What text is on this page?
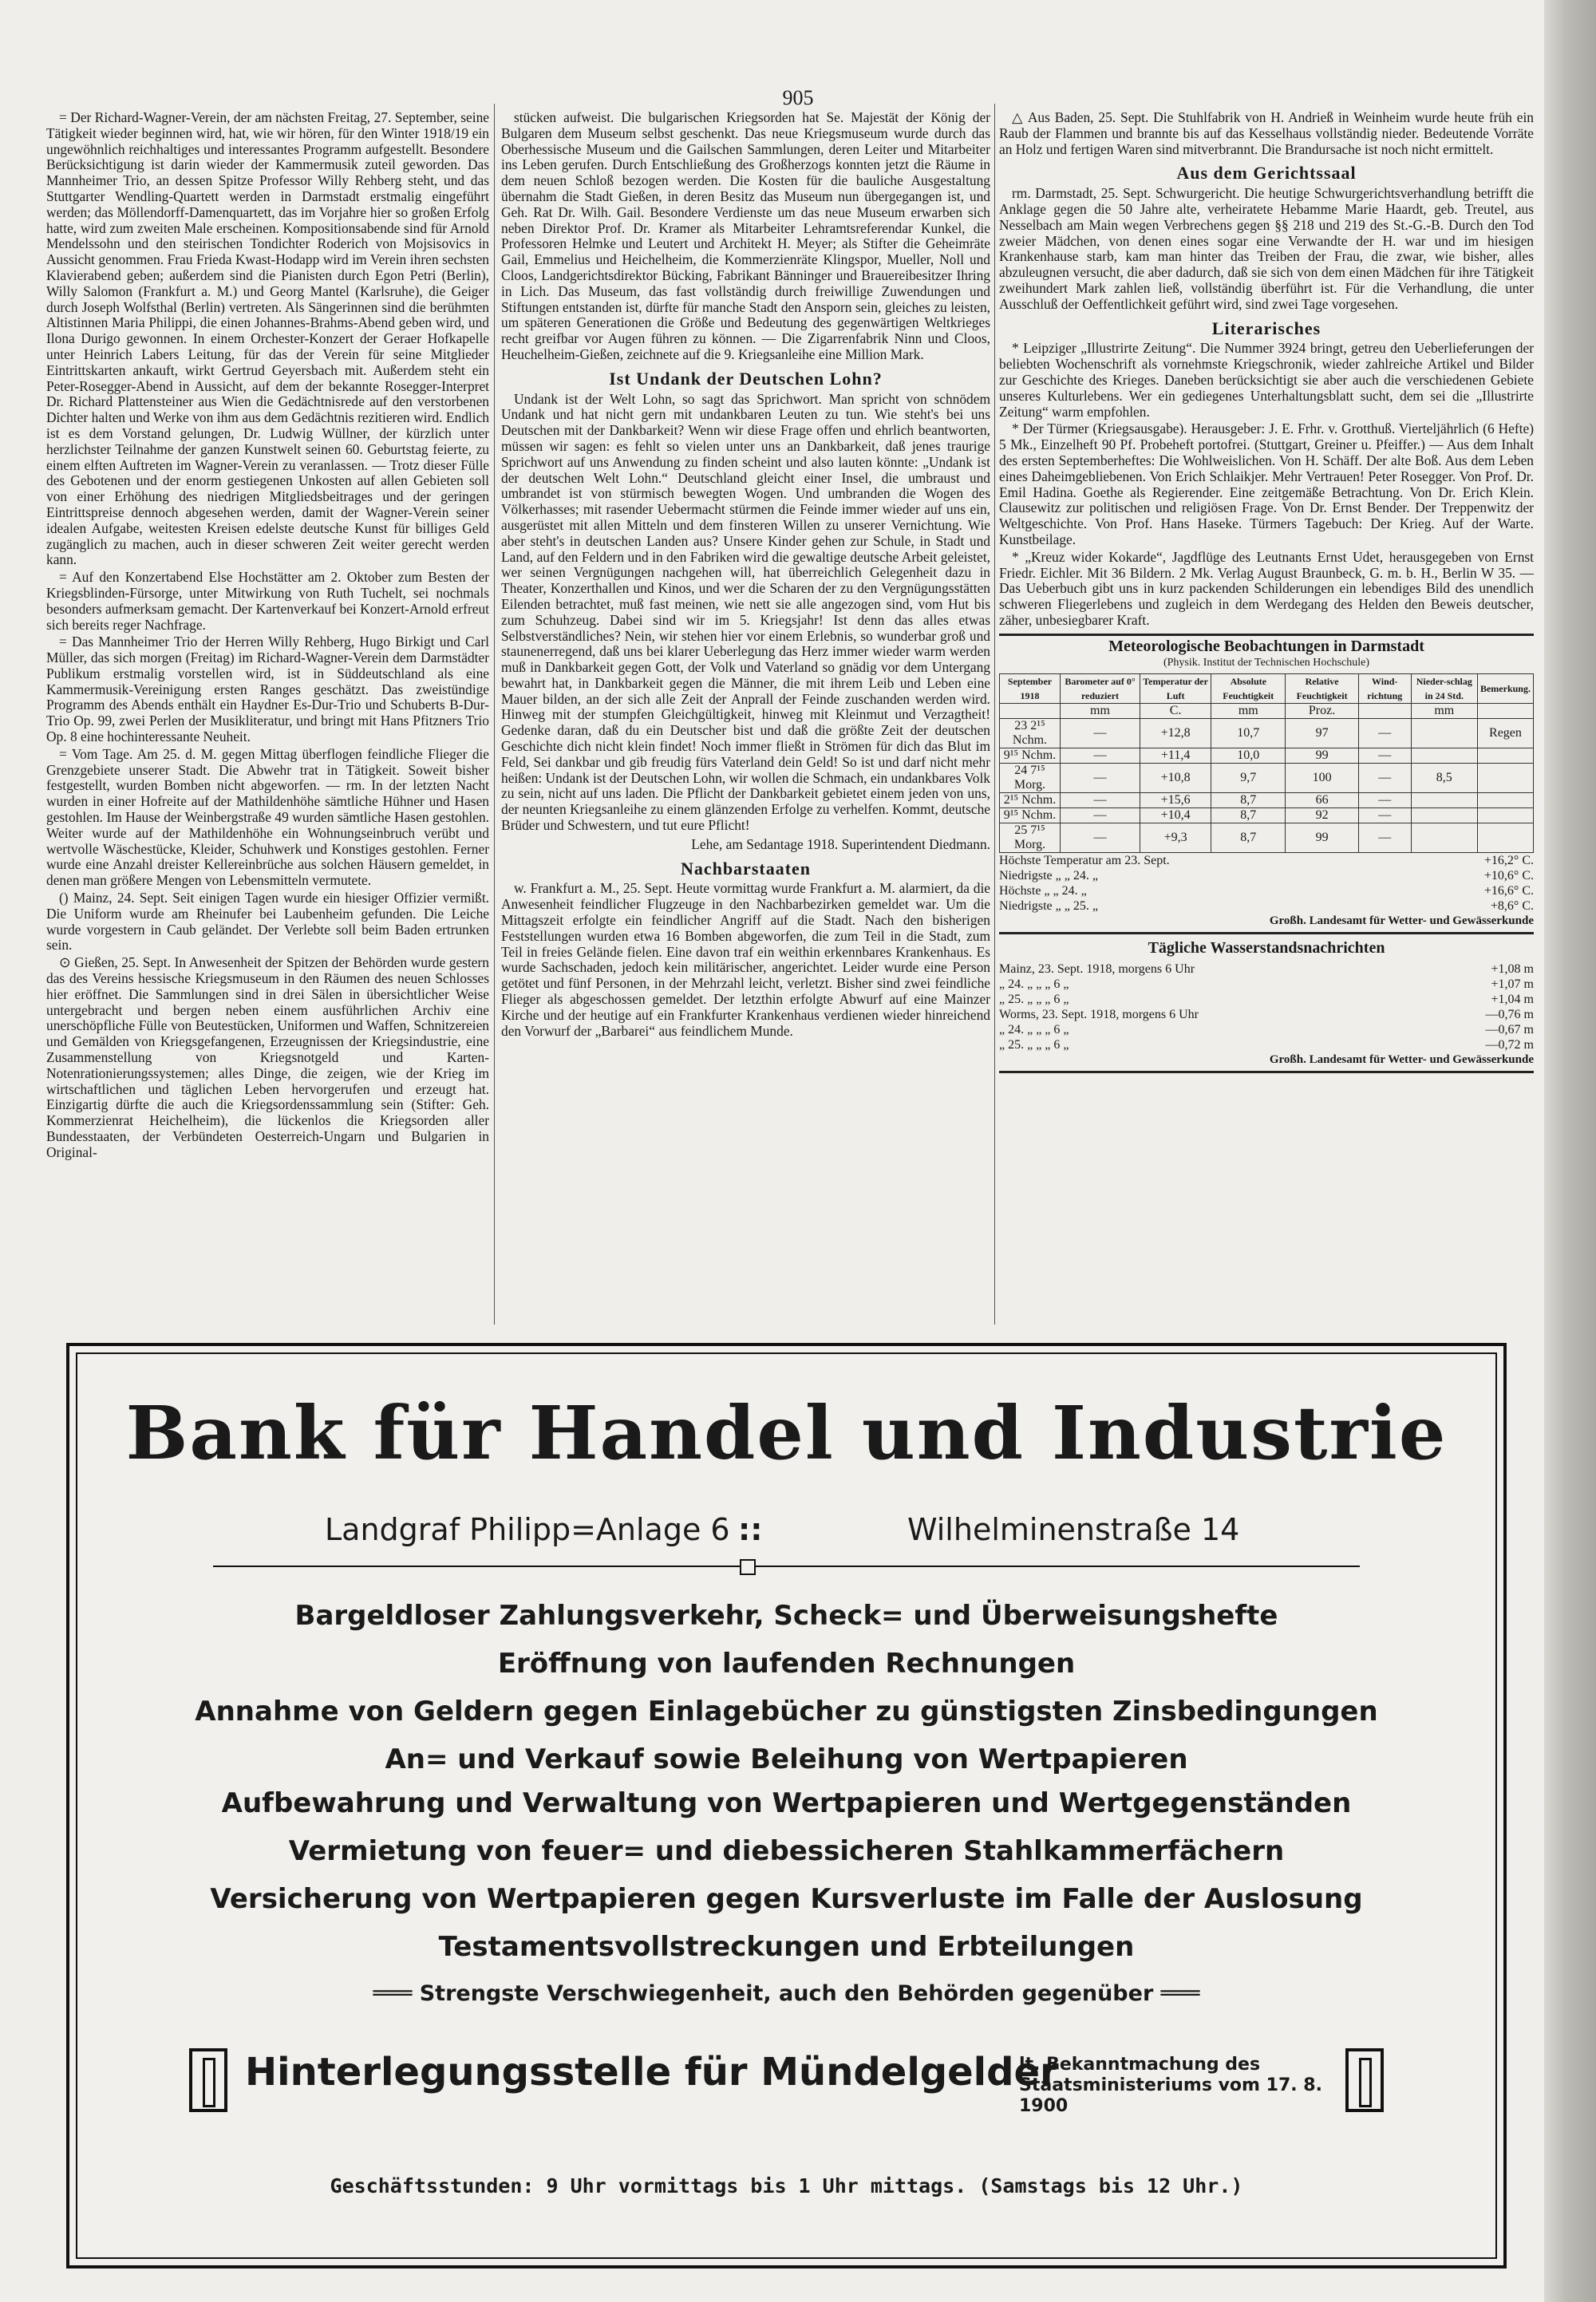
905

= Der Richard-Wagner-Verein, der am nächsten Freitag, 27. September, seine Tätigkeit wieder beginnen wird, hat, wie wir hören, für den Winter 1918/19 ein ungewöhnlich reichhaltiges und interessantes Programm aufgestellt. Besondere Berücksichtigung ist darin wieder der Kammermusik zuteil geworden. Das Mannheimer Trio, an dessen Spitze Professor Willy Rehberg steht, und das Stuttgarter Wendling-Quartett werden in Darmstadt erstmalig eingeführt werden; das Möllendorff-Damenquartett, das im Vorjahre hier so großen Erfolg hatte, wird zum zweiten Male erscheinen. Kompositionsabende sind für Arnold Mendelssohn und den steirischen Tondichter Roderich von Mojsisovics in Aussicht genommen. Frau Frieda Kwast-Hodapp wird im Verein ihren sechsten Klavierabend geben; außerdem sind die Pianisten durch Egon Petri (Berlin), Willy Salomon (Frankfurt a. M.) und Georg Mantel (Karlsruhe), die Geiger durch Joseph Wolfsthal (Berlin) vertreten. Als Sängerinnen sind die berühmten Altistinnen Maria Philippi, die einen Johannes-Brahms-Abend geben wird, und Ilona Durigo gewonnen. In einem Orchester-Konzert der Geraer Hofkapelle unter Heinrich Labers Leitung, für das der Verein für seine Mitglieder Eintrittskarten ankauft, wirkt Gertrud Geyersbach mit. Außerdem steht ein Peter-Rosegger-Abend in Aussicht, auf dem der bekannte Rosegger-Interpret Dr. Richard Plattensteiner aus Wien die Gedächtnisrede auf den verstorbenen Dichter halten und Werke von ihm aus dem Gedächtnis rezitieren wird. Endlich ist es dem Vorstand gelungen, Dr. Ludwig Wüllner, der kürzlich unter herzlichster Teilnahme der ganzen Kunstwelt seinen 60. Geburtstag feierte, zu einem elften Auftreten im Wagner-Verein zu veranlassen. — Trotz dieser Fülle des Gebotenen und der enorm gestiegenen Unkosten auf allen Gebieten soll von einer Erhöhung des niedrigen Mitgliedsbeitrages und der geringen Eintrittspreise dennoch abgesehen werden, damit der Wagner-Verein seiner idealen Aufgabe, weitesten Kreisen edelste deutsche Kunst für billiges Geld zugänglich zu machen, auch in dieser schweren Zeit weiter gerecht werden kann.

= Auf den Konzertabend Else Hochstätter am 2. Oktober zum Besten der Kriegsblinden-Fürsorge, unter Mitwirkung von Ruth Tuchelt, sei nochmals besonders aufmerksam gemacht. Der Kartenverkauf bei Konzert-Arnold erfreut sich bereits reger Nachfrage.

= Das Mannheimer Trio der Herren Willy Rehberg, Hugo Birkigt und Carl Müller, das sich morgen (Freitag) im Richard-Wagner-Verein dem Darmstädter Publikum erstmalig vorstellen wird, ist in Süddeutschland als eine Kammermusik-Vereinigung ersten Ranges geschätzt. Das zweistündige Programm des Abends enthält ein Haydner Es-Dur-Trio und Schuberts B-Dur-Trio Op. 99, zwei Perlen der Musikliteratur, und bringt mit Hans Pfitzners Trio Op. 8 eine hochinteressante Neuheit.

= Vom Tage. Am 25. d. M. gegen Mittag überflogen feindliche Flieger die Grenzgebiete unserer Stadt. Die Abwehr trat in Tätigkeit. Soweit bisher festgestellt, wurden Bomben nicht abgeworfen. — rm. In der letzten Nacht wurden in einer Hofreite auf der Mathildenhöhe sämtliche Hühner und Hasen gestohlen. Im Hause der Weinbergstraße 49 wurden sämtliche Hasen gestohlen. Weiter wurde auf der Mathildenhöhe ein Wohnungseinbruch verübt und wertvolle Wäschestücke, Kleider, Schuhwerk und Konstiges gestohlen. Ferner wurde eine Anzahl dreister Kellereinbrüche aus solchen Häusern gemeldet, in denen man größere Mengen von Lebensmitteln vermutete.

() Mainz, 24. Sept. Seit einigen Tagen wurde ein hiesiger Offizier vermißt. Die Uniform wurde am Rheinufer bei Laubenheim gefunden. Die Leiche wurde vorgestern in Caub geländet. Der Verlebte soll beim Baden ertrunken sein.

⊙ Gießen, 25. Sept. In Anwesenheit der Spitzen der Behörden wurde gestern das des Vereins hessische Kriegsmuseum in den Räumen des neuen Schlosses hier eröffnet. Die Sammlungen sind in drei Sälen in übersichtlicher Weise untergebracht und bergen neben einem ausführlichen Archiv eine unerschöpfliche Fülle von Beutestücken, Uniformen und Waffen, Schnitzereien und Gemälden von Kriegsgefangenen, Erzeugnissen der Kriegsindustrie, eine Zusammenstellung von Kriegsnotgeld und Karten-Notenrationierungssystemen; alles Dinge, die zeigen, wie der Krieg im wirtschaftlichen und täglichen Leben hervorgerufen und erzeugt hat. Einzigartig dürfte die auch die Kriegsordenssammlung sein (Stifter: Geh. Kommerzienrat Heichelheim), die lückenlos die Kriegsorden aller Bundesstaaten, der Verbündeten Oesterreich-Ungarn und Bulgarien in Original-

stücken aufweist. Die bulgarischen Kriegsorden hat Se. Majestät der König der Bulgaren dem Museum selbst geschenkt. Das neue Kriegsmuseum wurde durch das Oberhessische Museum und die Gailschen Sammlungen, deren Leiter und Mitarbeiter ins Leben gerufen. Durch Entschließung des Großherzogs konnten jetzt die Räume in dem neuen Schloß bezogen werden. Die Kosten für die bauliche Ausgestaltung übernahm die Stadt Gießen, in deren Besitz das Museum nun übergegangen ist, und Geh. Rat Dr. Wilh. Gail. Besondere Verdienste um das neue Museum erwarben sich neben Direktor Prof. Dr. Kramer als Mitarbeiter Lehramtsreferendar Kunkel, die Professoren Helmke und Leutert und Architekt H. Meyer; als Stifter die Geheimräte Gail, Emmelius und Heichelheim, die Kommerzienräte Klingspor, Mueller, Noll und Cloos, Landgerichtsdirektor Bücking, Fabrikant Bänninger und Brauereibesitzer Ihring in Lich. Das Museum, das fast vollständig durch freiwillige Zuwendungen und Stiftungen entstanden ist, dürfte für manche Stadt den Ansporn sein, gleiches zu leisten, um späteren Generationen die Größe und Bedeutung des gegenwärtigen Weltkrieges recht greifbar vor Augen führen zu können. — Die Zigarrenfabrik Ninn und Cloos, Heuchelheim-Gießen, zeichnete auf die 9. Kriegsanleihe eine Million Mark.

Ist Undank der Deutschen Lohn?

Undank ist der Welt Lohn, so sagt das Sprichwort. Man spricht von schnödem Undank und hat nicht gern mit undankbaren Leuten zu tun. Wie steht's bei uns Deutschen mit der Dankbarkeit? Wenn wir diese Frage offen und ehrlich beantworten, müssen wir sagen: es fehlt so vielen unter uns an Dankbarkeit, daß jenes traurige Sprichwort auf uns Anwendung zu finden scheint und also lauten könnte: „Undank ist der deutschen Welt Lohn.“ Deutschland gleicht einer Insel, die umbraust und umbrandet ist von stürmisch bewegten Wogen. Und umbranden die Wogen des Völkerhasses; mit rasender Uebermacht stürmen die Feinde immer wieder auf uns ein, ausgerüstet mit allen Mitteln und dem finsteren Willen zu unserer Vernichtung. Wie aber steht's in deutschen Landen aus? Unsere Kinder gehen zur Schule, in Stadt und Land, auf den Feldern und in den Fabriken wird die gewaltige deutsche Arbeit geleistet, wer seinen Vergnügungen nachgehen will, hat überreichlich Gelegenheit dazu in Theater, Konzerthallen und Kinos, und wer die Scharen der zu den Vergnügungsstätten Eilenden betrachtet, muß fast meinen, wie nett sie alle angezogen sind, vom Hut bis zum Schuhzeug. Dabei sind wir im 5. Kriegsjahr! Ist denn das alles etwas Selbstverständliches? Nein, wir stehen hier vor einem Erlebnis, so wunderbar groß und staunenerregend, daß uns bei klarer Ueberlegung das Herz immer wieder warm werden muß in Dankbarkeit gegen Gott, der Volk und Vaterland so gnädig vor dem Untergang bewahrt hat, in Dankbarkeit gegen die Männer, die mit ihrem Leib und Leben eine Mauer bilden, an der sich alle Zeit der Anprall der Feinde zuschanden werden wird. Hinweg mit der stumpfen Gleichgültigkeit, hinweg mit Kleinmut und Verzagtheit! Gedenke daran, daß du ein Deutscher bist und daß die größte Zeit der deutschen Geschichte dich nicht klein findet! Noch immer fließt in Strömen für dich das Blut im Feld, Sei dankbar und gib freudig fürs Vaterland dein Geld! So ist und darf nicht mehr heißen: Undank ist der Deutschen Lohn, wir wollen die Schmach, ein undankbares Volk zu sein, nicht auf uns laden. Die Pflicht der Dankbarkeit gebietet einem jeden von uns, der neunten Kriegsanleihe zu einem glänzenden Erfolge zu verhelfen. Kommt, deutsche Brüder und Schwestern, und tut eure Pflicht!

Lehe, am Sedantage 1918. Superintendent Diedmann.
Nachbarstaaten

w. Frankfurt a. M., 25. Sept. Heute vormittag wurde Frankfurt a. M. alarmiert, da die Anwesenheit feindlicher Flugzeuge in den Nachbarbezirken gemeldet war. Um die Mittagszeit erfolgte ein feindlicher Angriff auf die Stadt. Nach den bisherigen Feststellungen wurden etwa 16 Bomben abgeworfen, die zum Teil in die Stadt, zum Teil in freies Gelände fielen. Eine davon traf ein weithin erkennbares Krankenhaus. Es wurde Sachschaden, jedoch kein militärischer, angerichtet. Leider wurde eine Person getötet und fünf Personen, in der Mehrzahl leicht, verletzt. Bisher sind zwei feindliche Flieger als abgeschossen gemeldet. Der letzthin erfolgte Abwurf auf eine Mainzer Kirche und der heutige auf ein Frankfurter Krankenhaus verdienen wieder hinreichend den Vorwurf der „Barbarei“ aus feindlichem Munde.

△ Aus Baden, 25. Sept. Die Stuhlfabrik von H. Andrieß in Weinheim wurde heute früh ein Raub der Flammen und brannte bis auf das Kesselhaus vollständig nieder. Bedeutende Vorräte an Holz und fertigen Waren sind mitverbrannt. Die Brandursache ist noch nicht ermittelt.

Aus dem Gerichtssaal

rm. Darmstadt, 25. Sept. Schwurgericht. Die heutige Schwurgerichtsverhandlung betrifft die Anklage gegen die 50 Jahre alte, verheiratete Hebamme Marie Haardt, geb. Treutel, aus Nesselbach am Main wegen Verbrechens gegen §§ 218 und 219 des St.-G.-B. Durch den Tod zweier Mädchen, von denen eines sogar eine Verwandte der H. war und im hiesigen Krankenhause starb, kam man hinter das Treiben der Frau, die zwar, wie bisher, alles abzuleugnen versucht, die aber dadurch, daß sie sich von dem einen Mädchen für ihre Tätigkeit zweihundert Mark zahlen ließ, vollständig überführt ist. Für die Verhandlung, die unter Ausschluß der Oeffentlichkeit geführt wird, sind zwei Tage vorgesehen.

Literarisches

* Leipziger „Illustrirte Zeitung“. Die Nummer 3924 bringt, getreu den Ueberlieferungen der beliebten Wochenschrift als vornehmste Kriegschronik, wieder zahlreiche Artikel und Bilder zur Geschichte des Krieges. Daneben berücksichtigt sie aber auch die verschiedenen Gebiete unseres Kulturlebens. Wer ein gediegenes Unterhaltungsblatt sucht, dem sei die „Illustrirte Zeitung“ warm empfohlen.

* Der Türmer (Kriegsausgabe). Herausgeber: J. E. Frhr. v. Grotthuß. Vierteljährlich (6 Hefte) 5 Mk., Einzelheft 90 Pf. Probeheft portofrei. (Stuttgart, Greiner u. Pfeiffer.) — Aus dem Inhalt des ersten Septemberheftes: Die Wohlweislichen. Von H. Schäff. Der alte Boß. Aus dem Leben eines Daheimgebliebenen. Von Erich Schlaikjer. Mehr Vertrauen! Peter Rosegger. Von Prof. Dr. Emil Hadina. Goethe als Regierender. Eine zeitgemäße Betrachtung. Von Dr. Erich Klein. Clausewitz zur politischen und religiösen Frage. Von Dr. Ernst Bender. Der Treppenwitz der Weltgeschichte. Von Prof. Hans Haseke. Türmers Tagebuch: Der Krieg. Auf der Warte. Kunstbeilage.

* „Kreuz wider Kokarde“, Jagdflüge des Leutnants Ernst Udet, herausgegeben von Ernst Friedr. Eichler. Mit 36 Bildern. 2 Mk. Verlag August Braunbeck, G. m. b. H., Berlin W 35. — Das Ueberbuch gibt uns in kurz packenden Schilderungen ein lebendiges Bild des unendlich schweren Fliegerlebens und zugleich in dem Werdegang des Helden den Beweis deutscher, zäher, unbesiegbarer Kraft.

Meteorologische Beobachtungen in Darmstadt
(Physik. Institut der Technischen Hochschule)
September 1918	Barometer auf 0° reduziert	Temperatur der Luft	Absolute Feuchtigkeit	Relative Feuchtigkeit	Wind-richtung	Nieder-schlag in 24 Std.	Bemerkung.
	mm	C.	mm	Proz.		mm	
23 2¹⁵ Nchm.	—	+12,8	10,7	97	—		Regen
9¹⁵ Nchm.	—	+11,4	10,0	99	—		
24 7¹⁵ Morg.	—	+10,8	9,7	100	—	8,5	
2¹⁵ Nchm.	—	+15,6	8,7	66	—		
9¹⁵ Nchm.	—	+10,4	8,7	92	—		
25 7¹⁵ Morg.	—	+9,3	8,7	99	—		
Höchste Temperatur am 23. Sept.	+16,2° C.
Niedrigste „ „ 24. „	+10,6° C.
Höchste „ „ 24. „	+16,6° C.
Niedrigste „ „ 25. „	+8,6° C.
Großh. Landesamt für Wetter- und Gewässerkunde
Tägliche Wasserstandsnachrichten
Mainz, 23. Sept. 1918, morgens 6 Uhr	+1,08 m
„ 24. „ „ „ 6 „	+1,07 m
„ 25. „ „ „ 6 „	+1,04 m
Worms, 23. Sept. 1918, morgens 6 Uhr	—0,76 m
„ 24. „ „ „ 6 „	—0,67 m
„ 25. „ „ „ 6 „	—0,72 m
Großh. Landesamt für Wetter- und Gewässerkunde
Bank für Handel und Industrie
Landgraf Philipp=Anlage 6 ::	Wilhelminenstraße 14
Bargeldloser Zahlungsverkehr, Scheck= und Überweisungshefte
Eröffnung von laufenden Rechnungen
Annahme von Geldern gegen Einlagebücher zu günstigsten Zinsbedingungen
An= und Verkauf sowie Beleihung von Wertpapieren
Aufbewahrung und Verwaltung von Wertpapieren und Wertgegenständen
Vermietung von feuer= und diebessicheren Stahlkammerfächern
Versicherung von Wertpapieren gegen Kursverluste im Falle der Auslosung
Testamentsvollstreckungen und Erbteilungen
═══ Strengste Verschwiegenheit, auch den Behörden gegenüber ═══
Hinterlegungsstelle für Mündelgelder
lt. Bekanntmachung des Staatsministeriums vom 17. 8. 1900
Geschäftsstunden: 9 Uhr vormittags bis 1 Uhr mittags. (Samstags bis 12 Uhr.)
